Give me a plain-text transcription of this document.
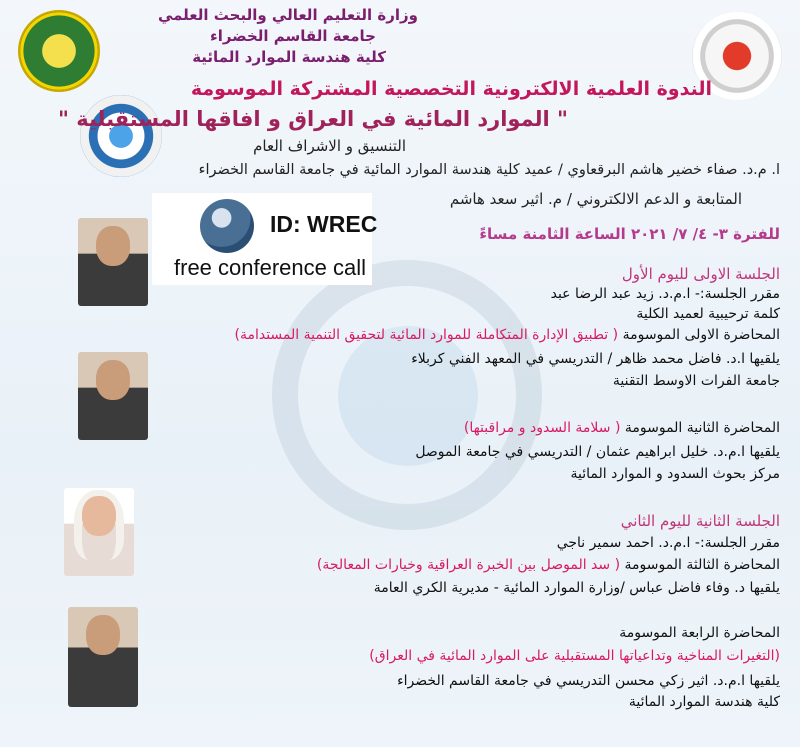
وزارة التعليم العالي والبحث العلمي
جامعة القاسم الخضراء
كلية هندسة الموارد المائية
الندوة العلمية الالكترونية التخصصية المشتركة الموسومة
" الموارد المائية في العراق و افاقها المستقبلية "
التنسيق و الاشراف العام
ا. م.د. صفاء خضير هاشم البرقعاوي / عميد كلية هندسة الموارد المائية في جامعة القاسم الخضراء
المتابعة و الدعم الالكتروني / م. اثير سعد هاشم
للفترة ٣- ٤/ ٧/ ٢٠٢١ الساعة الثامنة مساءً
ID: WREC
free conference call	الجلسة الاولى لليوم الأول
مقرر الجلسة:- ا.م.د. زيد عبد الرضا عبد
كلمة ترحيبية لعميد الكلية
المحاضرة الاولى الموسومة ( تطبيق الإدارة المتكاملة للموارد المائية لتحقيق التنمية المستدامة)
يلقيها ا.د. فاضل محمد ظاهر / التدريسي في المعهد الفني كربلاء
جامعة الفرات الاوسط التقنية
المحاضرة الثانية الموسومة ( سلامة السدود و مراقبتها)
يلقيها ا.م.د. خليل ابراهيم عثمان / التدريسي في جامعة الموصل
مركز بحوث السدود و الموارد المائية
الجلسة الثانية لليوم الثاني
مقرر الجلسة:- ا.م.د. احمد سمير ناجي
المحاضرة الثالثة الموسومة ( سد الموصل بين الخبرة العراقية وخيارات المعالجة)
يلقيها د. وفاء فاضل عباس /وزارة الموارد المائية - مديرية الكري العامة
المحاضرة الرابعة الموسومة
(التغيرات المناخية وتداعياتها المستقبلية على الموارد المائية في العراق)
يلقيها ا.م.د. اثير زكي محسن التدريسي في جامعة القاسم الخضراء
كلية هندسة الموارد المائية
